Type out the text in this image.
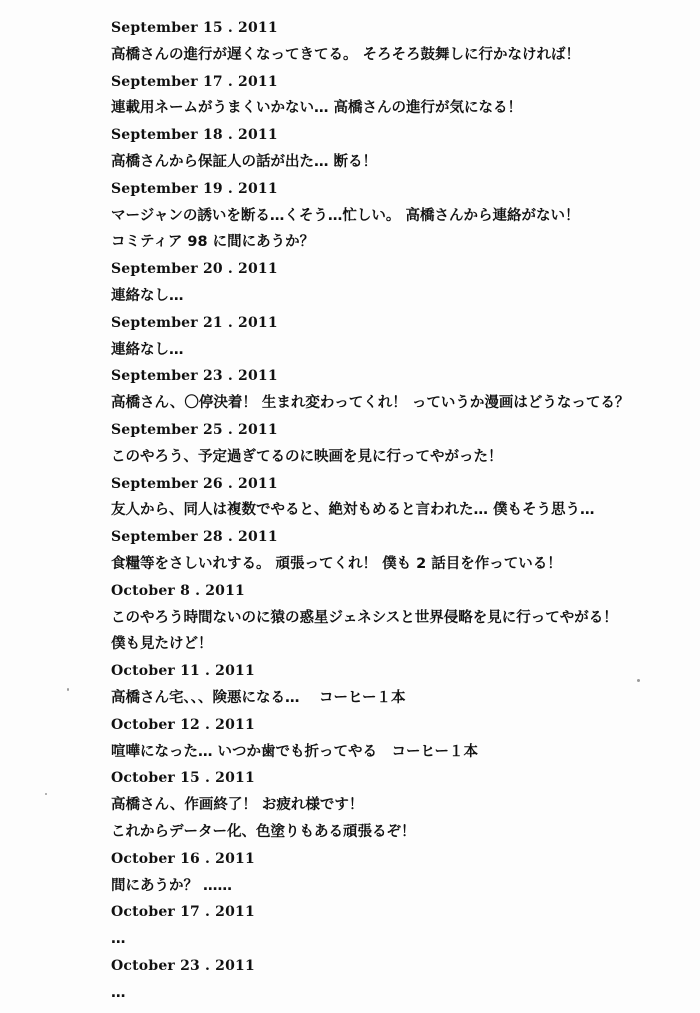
September 15 . 2011
高橋さんの進行が遅くなってきてる。 そろそろ鼓舞しに行かなければ！
September 17 . 2011
連載用ネームがうまくいかない… 高橋さんの進行が気になる！
September 18 . 2011
高橋さんから保証人の話が出た… 断る！
September 19 . 2011
マージャンの誘いを断る…くそう…忙しい。 高橋さんから連絡がない！
コミティア 98 に間にあうか？
September 20 . 2011
連絡なし…
September 21 . 2011
連絡なし…
September 23 . 2011
高橋さん、〇停決着！ 生まれ変わってくれ！ っていうか漫画はどうなってる？
September 25 . 2011
このやろう、予定過ぎてるのに映画を見に行ってやがった！
September 26 . 2011
友人から、同人は複数でやると、絶対もめると言われた… 僕もそう思う…
September 28 . 2011
食糧等をさしいれする。 頑張ってくれ！ 僕も 2 話目を作っている！
October 8 . 2011
このやろう時間ないのに猿の惑星ジェネシスと世界侵略を見に行ってやがる！
僕も見たけど！
October 11 . 2011
高橋さん宅、、、険悪になる… 　コーヒー１本
October 12 . 2011
喧嘩になった… いつか歯でも折ってやる　コーヒー１本
October 15 . 2011
高橋さん、作画終了！ お疲れ様です！
これからデーター化、色塗りもある頑張るぞ！
October 16 . 2011
間にあうか？ ……
October 17 . 2011
…
October 23 . 2011
…
